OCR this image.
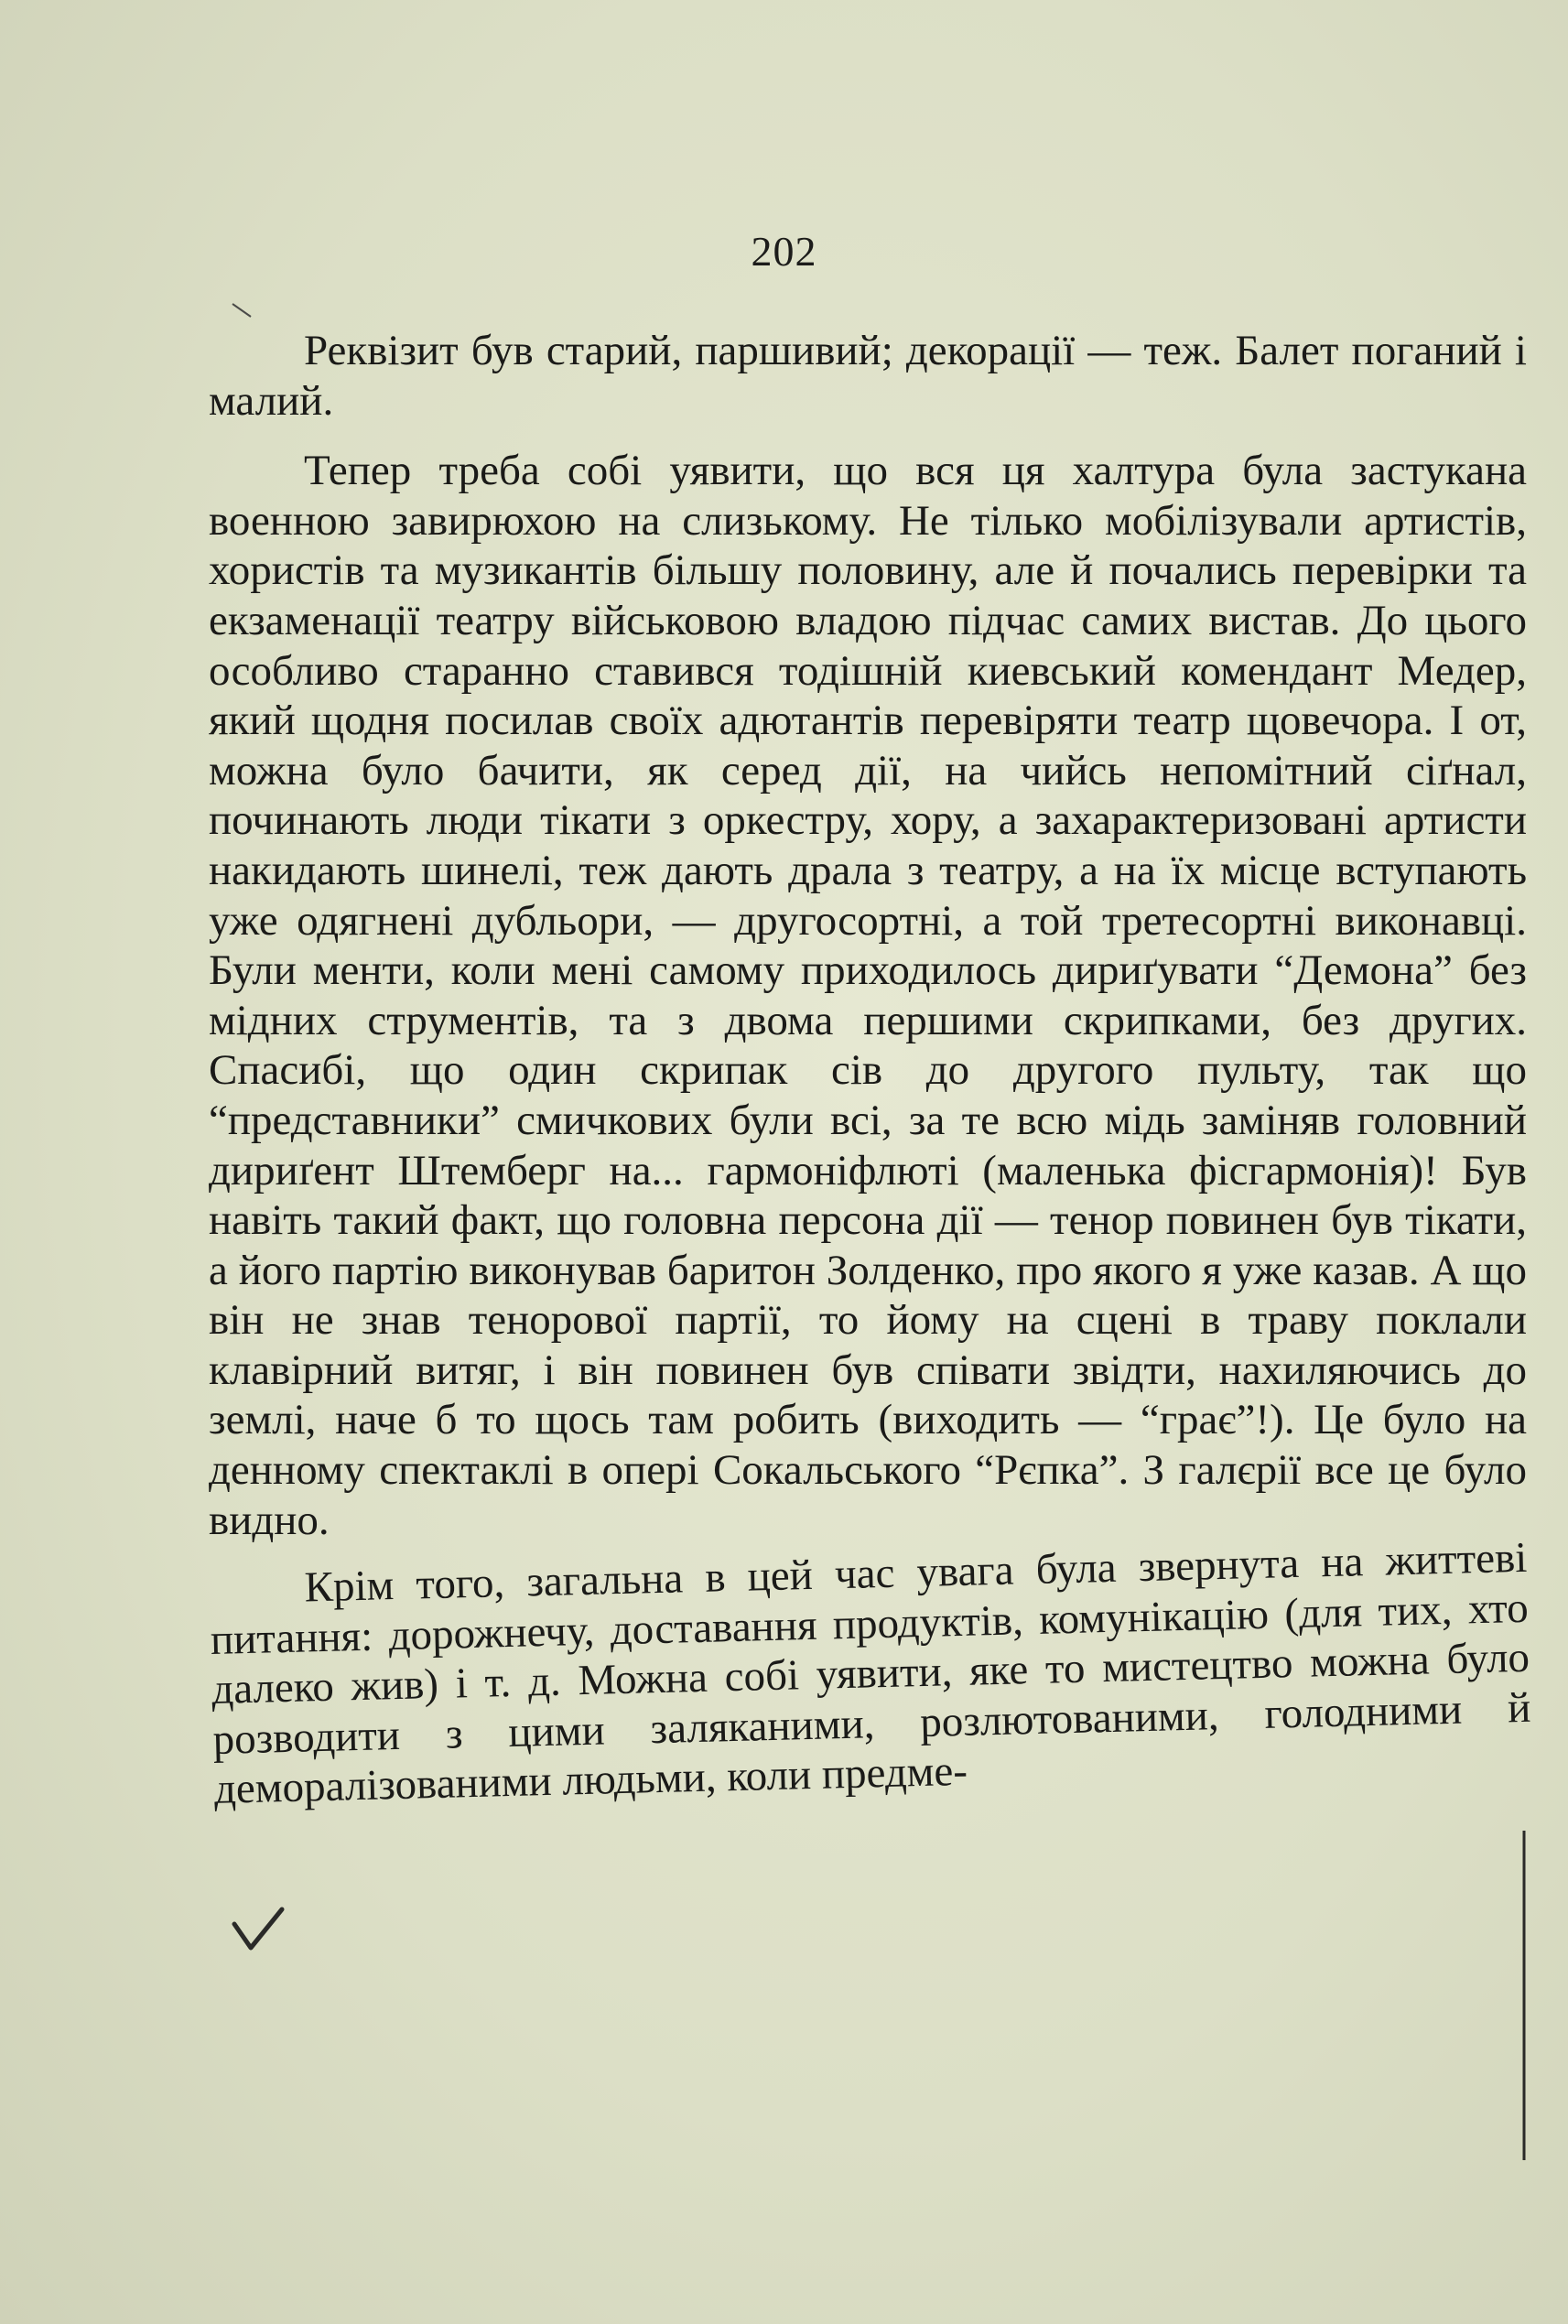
202

Реквізит був старий, паршивий; декорації — теж. Балет поганий і малий.

Тепер треба собі уявити, що вся ця халтура була застукана военною завирюхою на слизькому. Не тілько мобілізували артистів, хористів та музикантів більшу половину, але й почались перевірки та екзаменації театру військовою владою підчас самих вистав. До цього особливо старанно ставився тодішній киевський комендант Медер, який щодня посилав своїх адютантів перевіряти театр щовечора. І от, можна було бачити, як серед дії, на чийсь непомітний сіґнал, починають люди тікати з оркестру, хору, а захарактеризовані артисти накидають шинелі, теж дають драла з театру, а на їх місце вступають уже одягнені дубльори, — другосортні, а той третесортні виконавці. Були менти, коли мені самому приходилось дириґувати “Демона” без мідних струментів, та з двома першими скрипками, без других. Спасибі, що один скрипак сів до другого пульту, так що “представники” смичкових були всі, за те всю мідь заміняв головний дириґент Штемберг на... гармоніфлюті (маленька фісгармонія)! Був навіть такий факт, що головна персона дії — тенор повинен був тікати, а його партію виконував баритон Золденко, про якого я уже казав. А що він не знав тенорової партії, то йому на сцені в траву поклали клавірний витяг, і він повинен був співати звідти, нахиляючись до землі, наче б то щось там робить (виходить — “грає”!). Це було на денному спектаклі в опері Сокальського “Рєпка”. З галєрії все це було видно.

Крім того, загальна в цей час увага була звернута на життеві питання: дорожнечу, доставання продуктів, комунікацію (для тих, хто далеко жив) і т. д. Можна собі уявити, яке то мистецтво можна було розводити з цими заляканими, розлютованими, голодними й деморалізованими людьми, коли предме-
